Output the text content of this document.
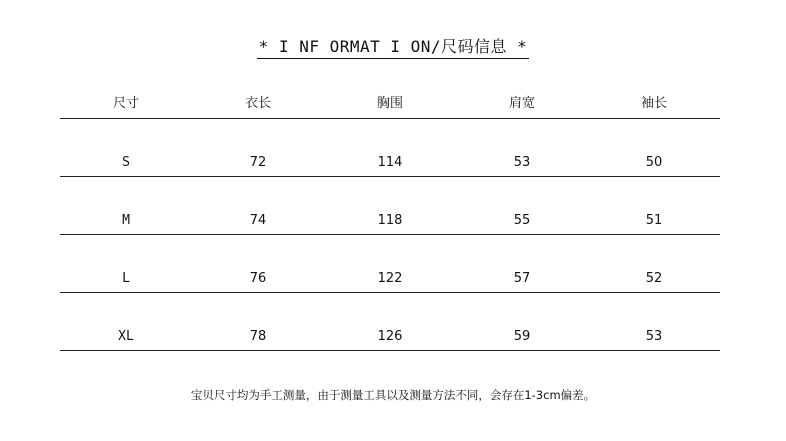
* I NF ORMAT I ON/尺码信息 *
尺寸	衣长	胸围	肩宽	袖长
S	72	114	53	50
M	74	118	55	51
L	76	122	57	52
XL	78	126	59	53
宝贝尺寸均为手工测量，由于测量工具以及测量方法不同，会存在1-3cm偏差。
